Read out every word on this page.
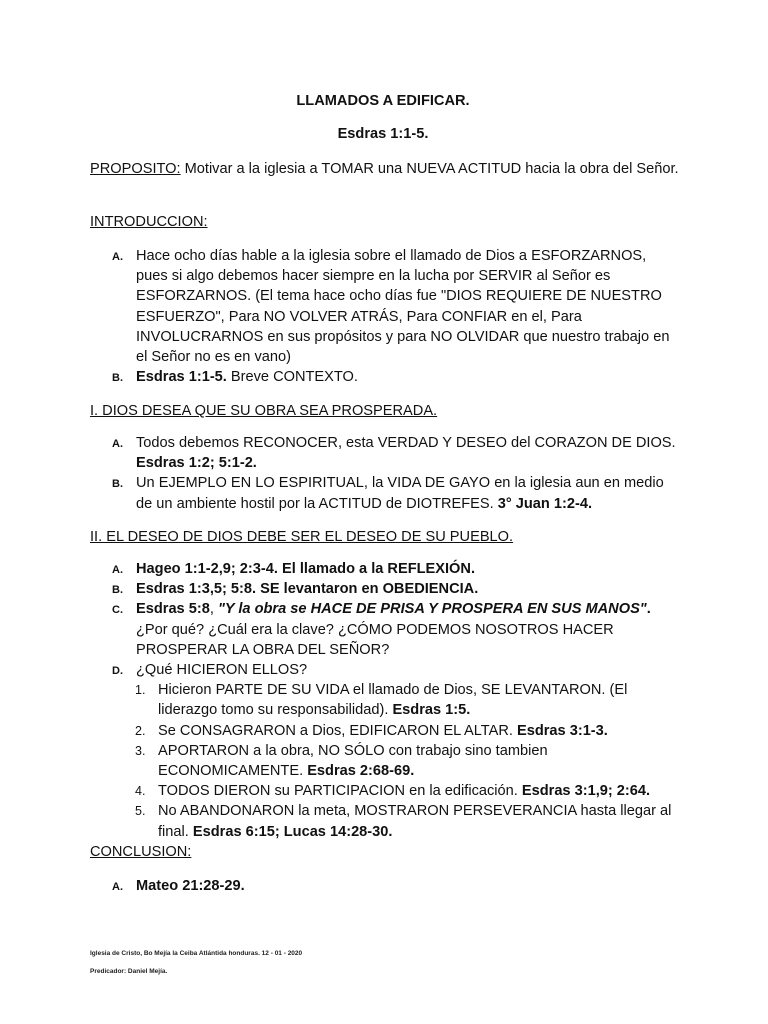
LLAMADOS A EDIFICAR.
Esdras 1:1-5.

PROPOSITO: Motivar a la iglesia a TOMAR una NUEVA ACTITUD hacia la obra del Señor.

INTRODUCCION:

A. Hace ocho días hable a la iglesia sobre el llamado de Dios a ESFORZARNOS, pues si algo debemos hacer siempre en la lucha por SERVIR al Señor es ESFORZARNOS. (El tema hace ocho días fue "DIOS REQUIERE DE NUESTRO ESFUERZO", Para NO VOLVER ATRÁS, Para CONFIAR en el, Para INVOLUCRARNOS en sus propósitos y para NO OLVIDAR que nuestro trabajo en el Señor no es en vano)
B. Esdras 1:1-5. Breve CONTEXTO.

I. DIOS DESEA QUE SU OBRA SEA PROSPERADA.

A. Todos debemos RECONOCER, esta VERDAD Y DESEO del CORAZON DE DIOS. Esdras 1:2; 5:1-2.
B. Un EJEMPLO EN LO ESPIRITUAL, la VIDA DE GAYO en la iglesia aun en medio de un ambiente hostil por la ACTITUD de DIOTREFES. 3° Juan 1:2-4.

II. EL DESEO DE DIOS DEBE SER EL DESEO DE SU PUEBLO.

A. Hageo 1:1-2,9; 2:3-4. El llamado a la REFLEXIÓN.
B. Esdras 1:3,5; 5:8. SE levantaron en OBEDIENCIA.
C. Esdras 5:8, "Y la obra se HACE DE PRISA Y PROSPERA EN SUS MANOS".
¿Por qué? ¿Cuál era la clave? ¿CÓMO PODEMOS NOSOTROS HACER PROSPERAR LA OBRA DEL SEÑOR?
D. ¿Qué HICIERON ELLOS?
1. Hicieron PARTE DE SU VIDA el llamado de Dios, SE LEVANTARON. (El liderazgo tomo su responsabilidad). Esdras 1:5.
2. Se CONSAGRARON a Dios, EDIFICARON EL ALTAR. Esdras 3:1-3.
3. APORTARON a la obra, NO SÓLO con trabajo sino tambien ECONOMICAMENTE. Esdras 2:68-69.
4. TODOS DIERON su PARTICIPACION en la edificación. Esdras 3:1,9; 2:64.
5. No ABANDONARON la meta, MOSTRARON PERSEVERANCIA hasta llegar al final. Esdras 6:15; Lucas 14:28-30.

CONCLUSION:

A. Mateo 21:28-29.
Iglesia de Cristo, Bo Mejía la Ceiba Atlántida honduras. 12 - 01 - 2020
Predicador: Daniel Mejía.
